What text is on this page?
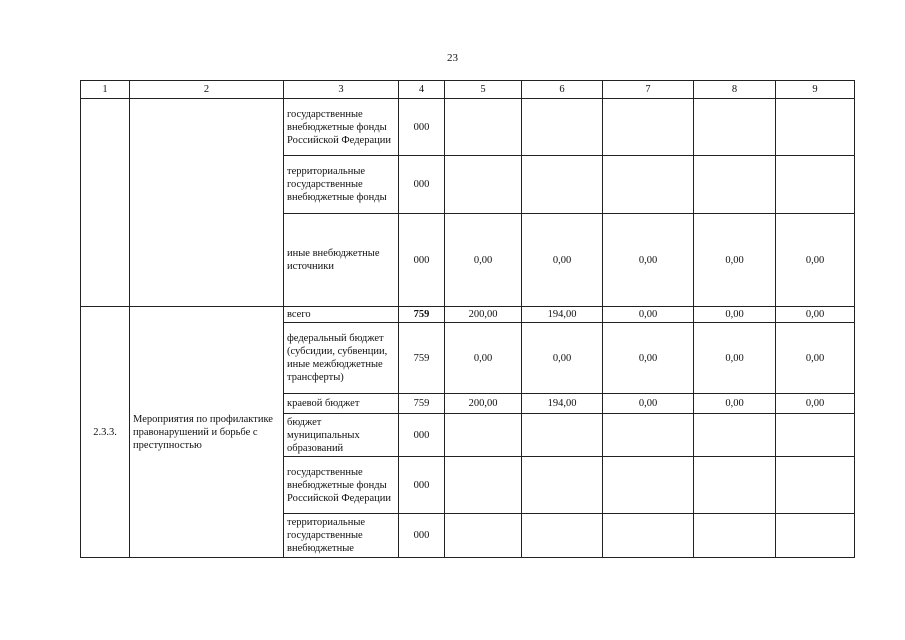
23
1	2	3	4	5	6	7	8	9
		государственные внебюджетные фонды Российской Федерации	000					
		территориальные государственные внебюджетные фонды	000					
		иные внебюджетные источники	000	0,00	0,00	0,00	0,00	0,00
2.3.3.	Мероприятия по профилактике правонарушений и борьбе с преступностью	всего	759	200,00	194,00	0,00	0,00	0,00
		федеральный бюджет (субсидии, субвенции, иные межбюджетные трансферты)	759	0,00	0,00	0,00	0,00	0,00
		краевой бюджет	759	200,00	194,00	0,00	0,00	0,00
		бюджет муниципальных образований	000					
		государственные внебюджетные фонды Российской Федерации	000					
		территориальные государственные внебюджетные	000					
